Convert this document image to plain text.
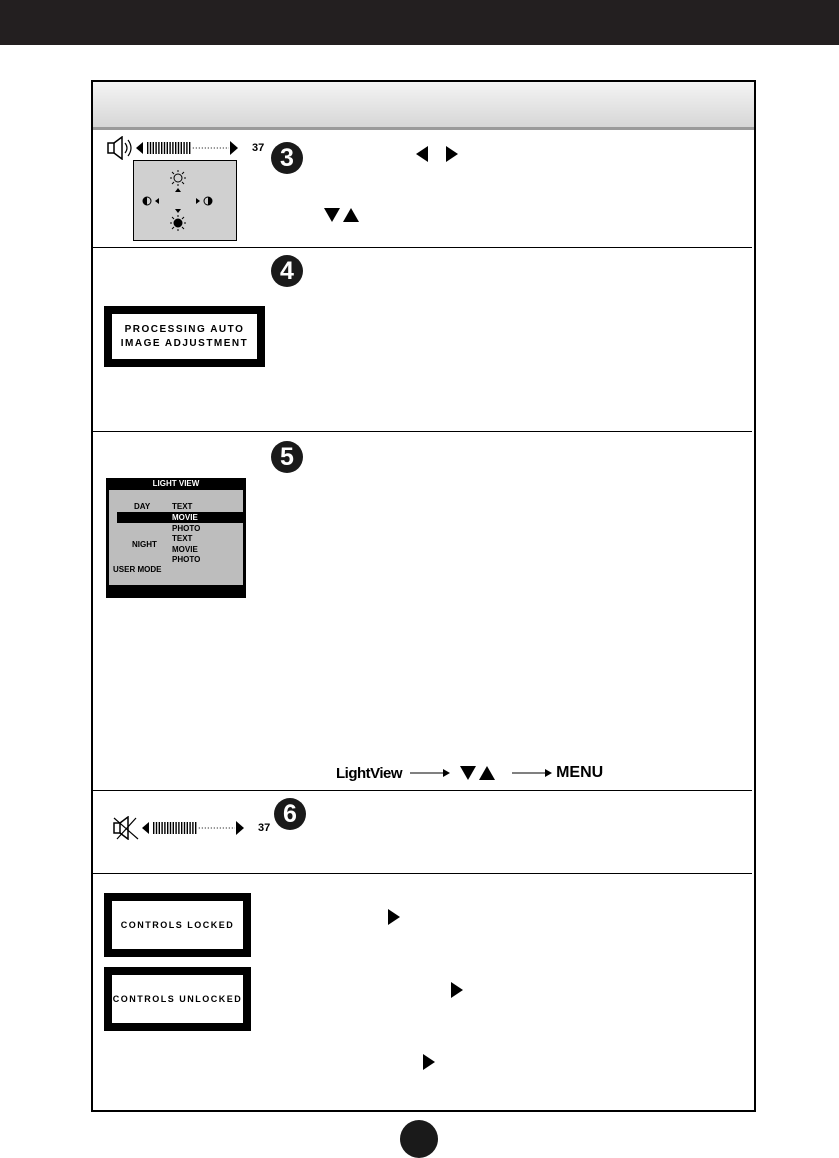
37 3
4
PROCESSING AUTO
IMAGE ADJUSTMENT
5
LIGHT VIEW
DAY	TEXT
MOVIE
PHOTO
TEXT
NIGHT
MOVIE
PHOTO
USER MODE
LightView	MENU
6
37
CONTROLS LOCKED
CONTROLS UNLOCKED
